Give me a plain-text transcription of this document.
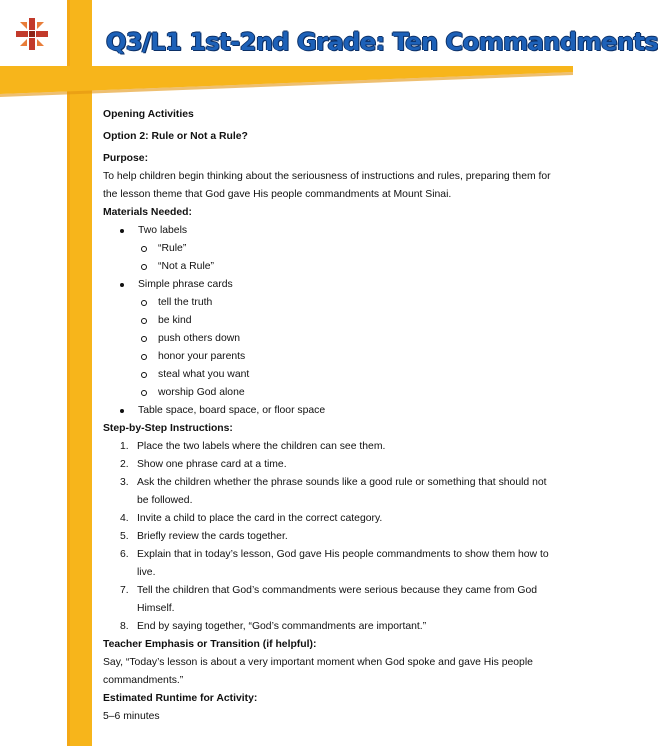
Q3/L1 1st-2nd Grade: Ten Commandments

Opening Activities

Option 2: Rule or Not a Rule?

Purpose:

To help children begin thinking about the seriousness of instructions and rules, preparing them for the lesson theme that God gave His people commandments at Mount Sinai.

Materials Needed:

Two labels
“Rule”
“Not a Rule”
Simple phrase cards
tell the truth
be kind
push others down
honor your parents
steal what you want
worship God alone
Table space, board space, or floor space

Step-by-Step Instructions:

1. Place the two labels where the children can see them.
2. Show one phrase card at a time.
3. Ask the children whether the phrase sounds like a good rule or something that should not be followed.
4. Invite a child to place the card in the correct category.
5. Briefly review the cards together.
6. Explain that in today’s lesson, God gave His people commandments to show them how to live.
7. Tell the children that God’s commandments were serious because they came from God Himself.
8. End by saying together, “God’s commandments are important.”

Teacher Emphasis or Transition (if helpful):

Say, “Today’s lesson is about a very important moment when God spoke and gave His people commandments.”

Estimated Runtime for Activity:

5–6 minutes
